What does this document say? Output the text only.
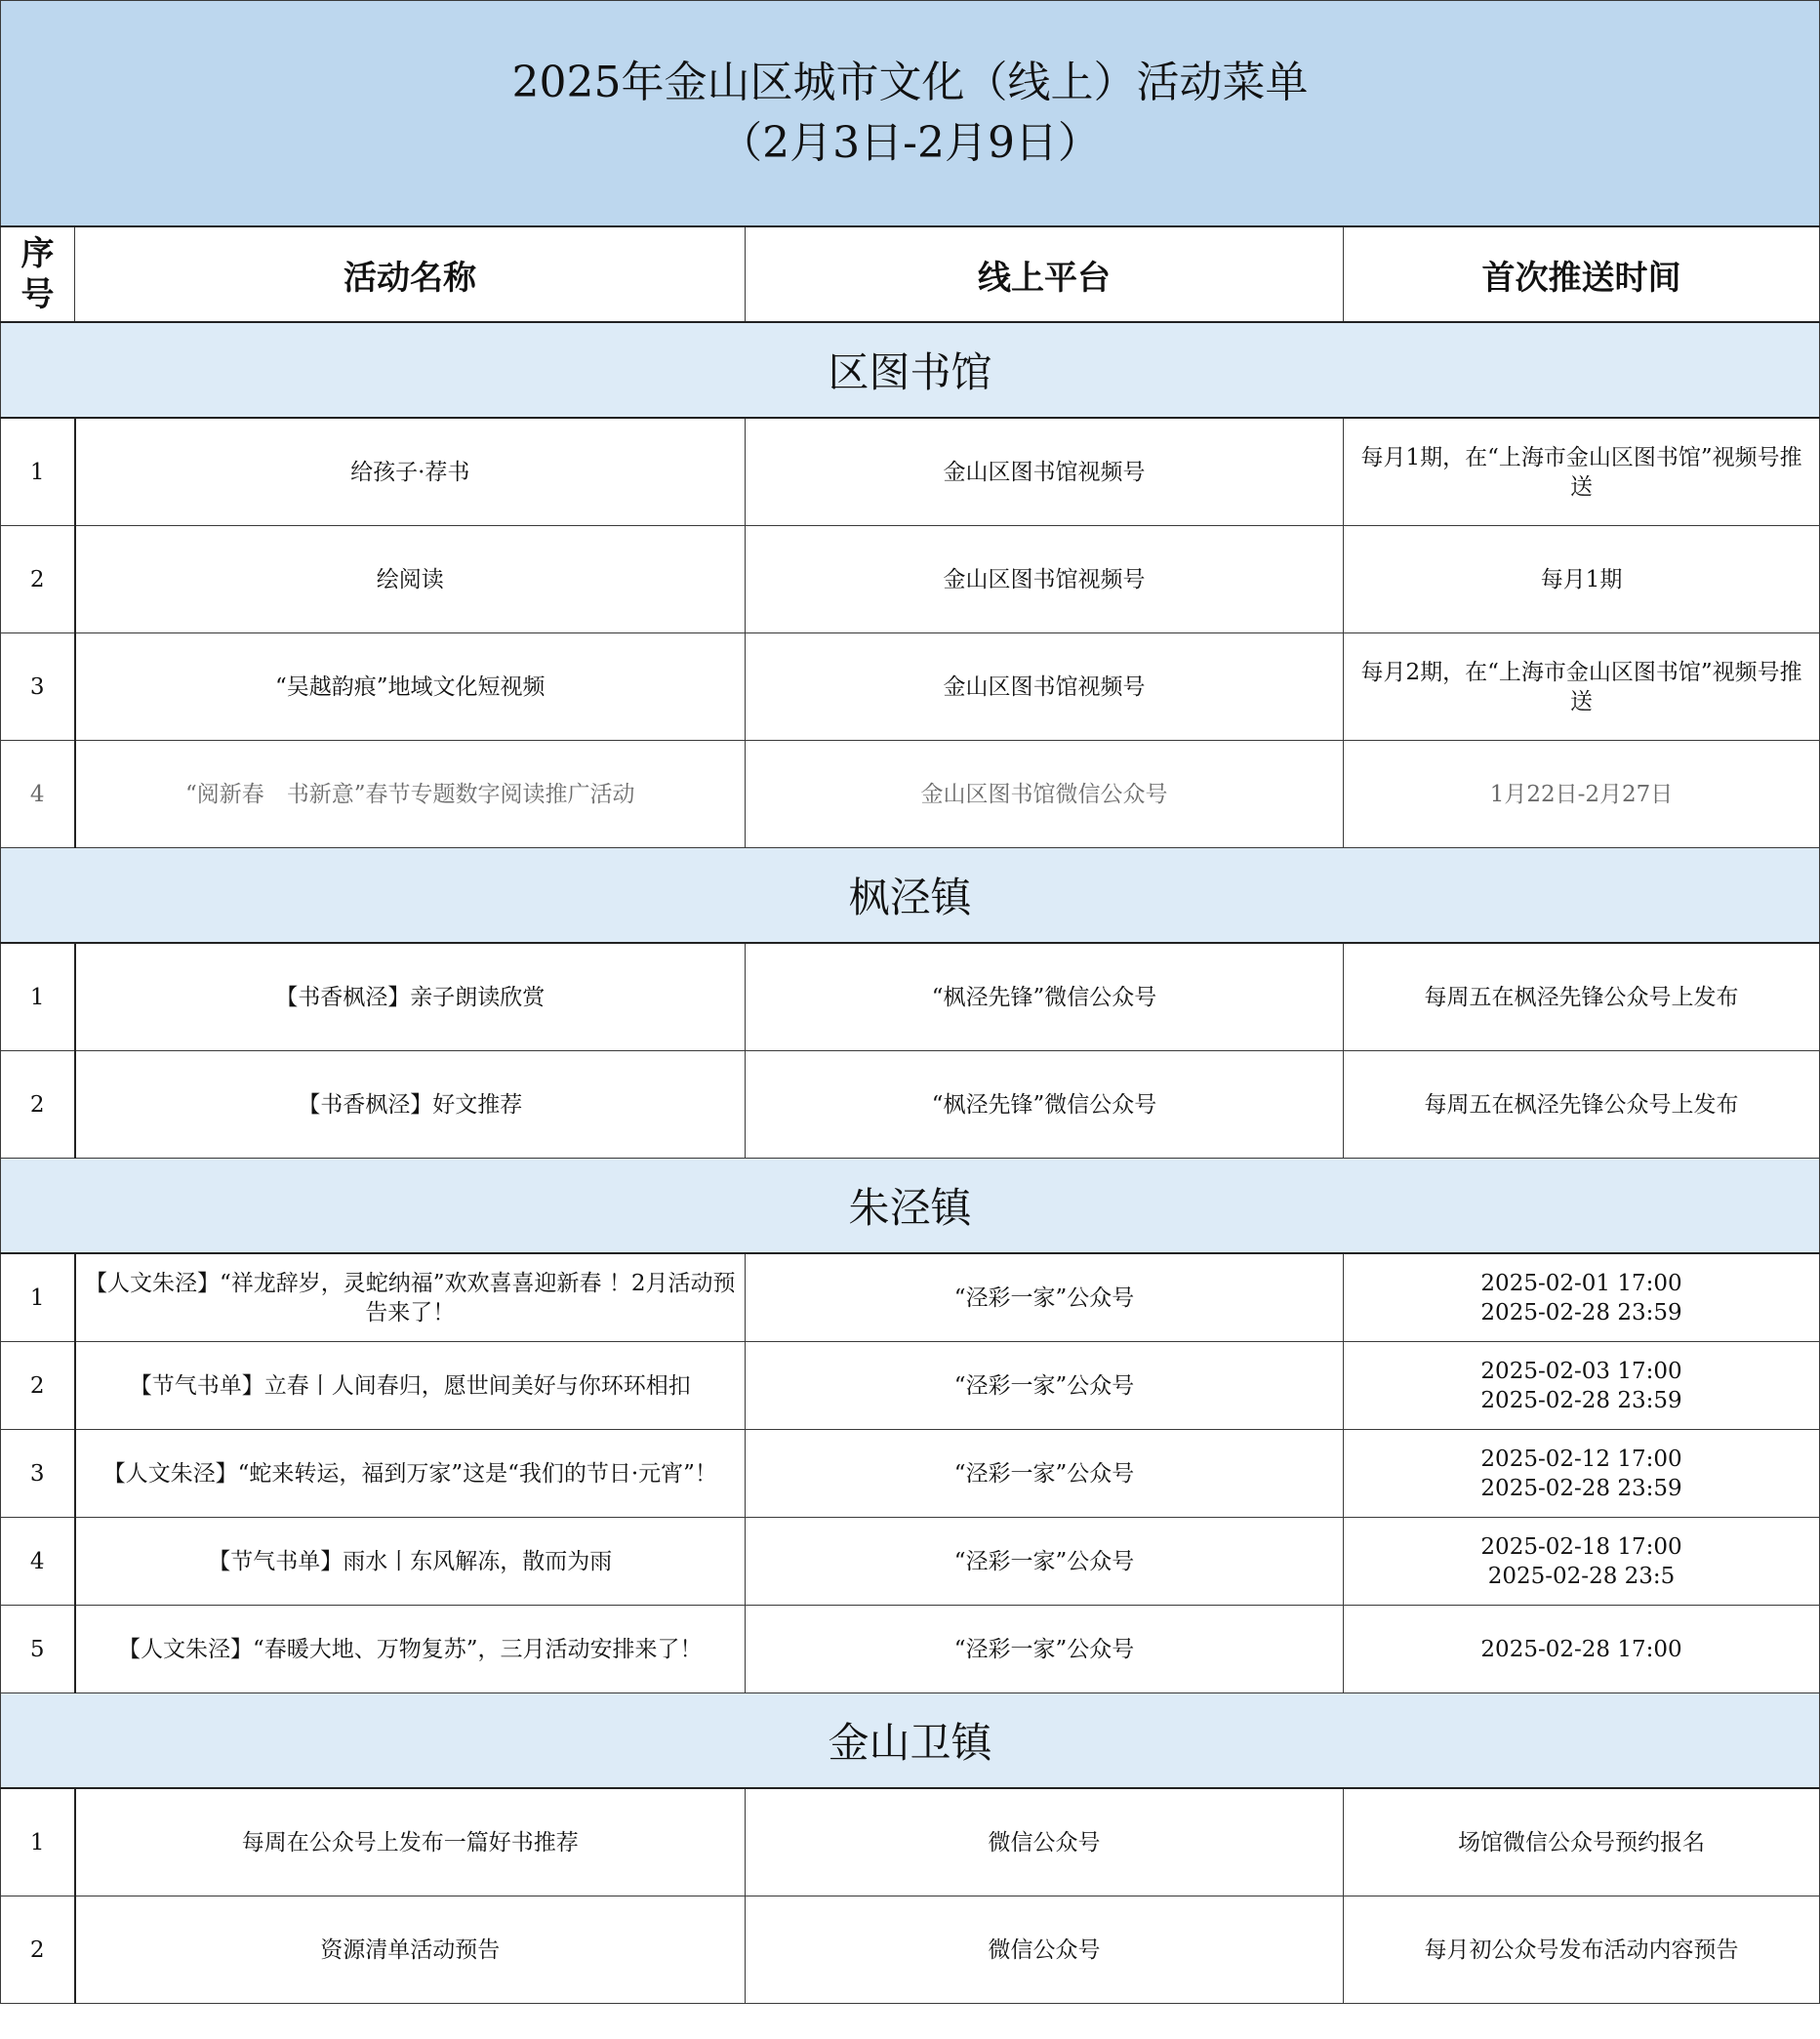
2025年金山区城市文化（线上）活动菜单
（2月3日-2月9日）			

序
号	活动名称	线上平台	首次推送时间
区图书馆			
1	给孩子·荐书	金山区图书馆视频号	每月1期，在“上海市金山区图书馆”视频号推送
2	绘阅读	金山区图书馆视频号	每月1期
3	“吴越韵痕”地域文化短视频	金山区图书馆视频号	每月2期，在“上海市金山区图书馆”视频号推送
4	“阅新春　书新意”春节专题数字阅读推广活动	金山区图书馆微信公众号	1月22日-2月27日
枫泾镇			
1	【书香枫泾】亲子朗读欣赏	“枫泾先锋”微信公众号	每周五在枫泾先锋公众号上发布
2	【书香枫泾】好文推荐	“枫泾先锋”微信公众号	每周五在枫泾先锋公众号上发布
朱泾镇			
1	【人文朱泾】“祥龙辞岁，灵蛇纳福”欢欢喜喜迎新春 ！2月活动预告来了！	“泾彩一家”公众号	2025-02-01 17:00
2025-02-28 23:59

2	【节气书单】立春丨人间春归，愿世间美好与你环环相扣	“泾彩一家”公众号	2025-02-03 17:00
2025-02-28 23:59

3	【人文朱泾】“蛇来转运，福到万家”这是“我们的节日·元宵”！	“泾彩一家”公众号	2025-02-12 17:00
2025-02-28 23:59

4	【节气书单】雨水丨东风解冻，散而为雨	“泾彩一家”公众号	2025-02-18 17:00
2025-02-28 23:5

5	【人文朱泾】“春暖大地、万物复苏”，三月活动安排来了！	“泾彩一家”公众号	2025-02-28 17:00

金山卫镇			
1	每周在公众号上发布一篇好书推荐	微信公众号	场馆微信公众号预约报名
2	资源清单活动预告	微信公众号	每月初公众号发布活动内容预告
